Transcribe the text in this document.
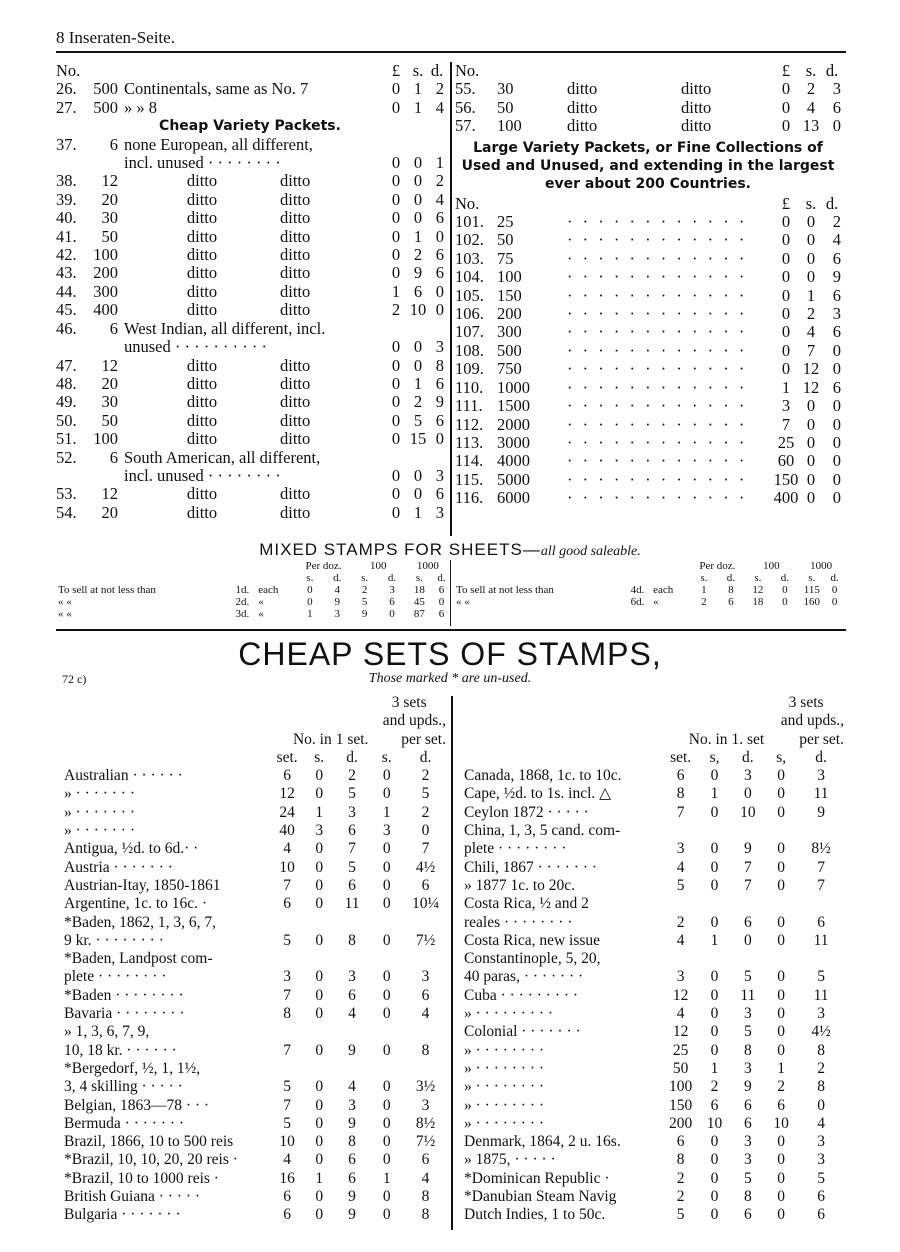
8 Inseraten-Seite.
No.				£	s.	d.
26.	500	Continentals, same as No. 7		0	1	2
27.	500	» » 8		0	1	4
Cheap Variety Packets.						
37.	6	none European, all different,				
		incl. unused · · · · · · · ·		0	0	1
38.	12	ditto	ditto	0	0	2
39.	20	ditto	ditto	0	0	4
40.	30	ditto	ditto	0	0	6
41.	50	ditto	ditto	0	1	0
42.	100	ditto	ditto	0	2	6
43.	200	ditto	ditto	0	9	6
44.	300	ditto	ditto	1	6	0
45.	400	ditto	ditto	2	10	0
46.	6	West Indian, all different, incl.				
		unused · · · · · · · · · ·		0	0	3
47.	12	ditto	ditto	0	0	8
48.	20	ditto	ditto	0	1	6
49.	30	ditto	ditto	0	2	9
50.	50	ditto	ditto	0	5	6
51.	100	ditto	ditto	0	15	0
52.	6	South American, all different,				
		incl. unused · · · · · · · ·		0	0	3
53.	12	ditto	ditto	0	0	6
54.	20	ditto	ditto	0	1	3
No.				£	s.	d.
55.	30	ditto	ditto	0	2	3
56.	50	ditto	ditto	0	4	6
57.	100	ditto	ditto	0	13	0
Large Variety Packets, or Fine Collections of Used and Unused, and extending in the largest ever about 200 Countries.						
No.				£	s.	d.
101.	25	· · · · · · · · · · · ·		0	0	2
102.	50	· · · · · · · · · · · ·		0	0	4
103.	75	· · · · · · · · · · · ·		0	0	6
104.	100	· · · · · · · · · · · ·		0	0	9
105.	150	· · · · · · · · · · · ·		0	1	6
106.	200	· · · · · · · · · · · ·		0	2	3
107.	300	· · · · · · · · · · · ·		0	4	6
108.	500	· · · · · · · · · · · ·		0	7	0
109.	750	· · · · · · · · · · · ·		0	12	0
110.	1000	· · · · · · · · · · · ·		1	12	6
111.	1500	· · · · · · · · · · · ·		3	0	0
112.	2000	· · · · · · · · · · · ·		7	0	0
113.	3000	· · · · · · · · · · · ·		25	0	0
114.	4000	· · · · · · · · · · · ·		60	0	0
115.	5000	· · · · · · · · · · · ·		150	0	0
116.	6000	· · · · · · · · · · · ·		400	0	0
MIXED STAMPS FOR SHEETS—all good saleable.
			Per doz.		100		1000	
			s.	d.	s.	d.	s.	d.
To sell at not less than	1d.	each	0	4	2	3	18	6
« «	2d.	«	0	9	5	6	45	0
« «	3d.	«	1	3	9	0	87	6
			Per doz.		100		1000	
			s.	d.	s.	d.	s.	d.
To sell at not less than	4d.	each	1	8	12	0	115	0
« «	6d.	«	2	6	18	0	160	0
CHEAP SETS OF STAMPS,
72 c)	Those marked * are un-used.
				3 sets	
			and upds.,		
	No. in		1 set.	per set.	
	set.	s.	d.	s.	d.
Australian · · · · · ·	6	0	2	0	2
» · · · · · · ·	12	0	5	0	5
» · · · · · · ·	24	1	3	1	2
» · · · · · · ·	40	3	6	3	0
Antigua, ½d. to 6d.· ·	4	0	7	0	7
Austria · · · · · · ·	10	0	5	0	4½
Austrian-Itay, 1850-1861	7	0	6	0	6
Argentine, 1c. to 16c. ·	6	0	11	0	10¼
*Baden, 1862, 1, 3, 6, 7,					
9 kr. · · · · · · · ·	5	0	8	0	7½
*Baden, Landpost com-					
plete · · · · · · · ·	3	0	3	0	3
*Baden · · · · · · · ·	7	0	6	0	6
Bavaria · · · · · · · ·	8	0	4	0	4
» 1, 3, 6, 7, 9,					
10, 18 kr. · · · · · ·	7	0	9	0	8
*Bergedorf, ½, 1, 1½,					
3, 4 skilling · · · · ·	5	0	4	0	3½
Belgian, 1863—78 · · ·	7	0	3	0	3
Bermuda · · · · · · ·	5	0	9	0	8½
Brazil, 1866, 10 to 500 reis	10	0	8	0	7½
*Brazil, 10, 10, 20, 20 reis ·	4	0	6	0	6
*Brazil, 10 to 1000 reis ·	16	1	6	1	4
British Guiana · · · · ·	6	0	9	0	8
Bulgaria · · · · · · ·	6	0	9	0	8
				3 sets	
			and upds.,		
	No. in		1. set	per set.	
	set.	s,	d.	s,	d.
Canada, 1868, 1c. to 10c.	6	0	3	0	3
Cape, ½d. to 1s. incl. △	8	1	0	0	11
Ceylon 1872 · · · · ·	7	0	10	0	9
China, 1, 3, 5 cand. com-					
plete · · · · · · · ·	3	0	9	0	8½
Chili, 1867 · · · · · · ·	4	0	7	0	7
» 1877 1c. to 20c.	5	0	7	0	7
Costa Rica, ½ and 2					
reales · · · · · · · ·	2	0	6	0	6
Costa Rica, new issue	4	1	0	0	11
Constantinople, 5, 20,					
40 paras, · · · · · · ·	3	0	5	0	5
Cuba · · · · · · · · ·	12	0	11	0	11
» · · · · · · · · ·	4	0	3	0	3
Colonial · · · · · · ·	12	0	5	0	4½
» · · · · · · · ·	25	0	8	0	8
» · · · · · · · ·	50	1	3	1	2
» · · · · · · · ·	100	2	9	2	8
» · · · · · · · ·	150	6	6	6	0
» · · · · · · · ·	200	10	6	10	4
Denmark, 1864, 2 u. 16s.	6	0	3	0	3
» 1875, · · · · ·	8	0	3	0	3
*Dominican Republic ·	2	0	5	0	5
*Danubian Steam Navig	2	0	8	0	6
Dutch Indies, 1 to 50c.	5	0	6	0	6
